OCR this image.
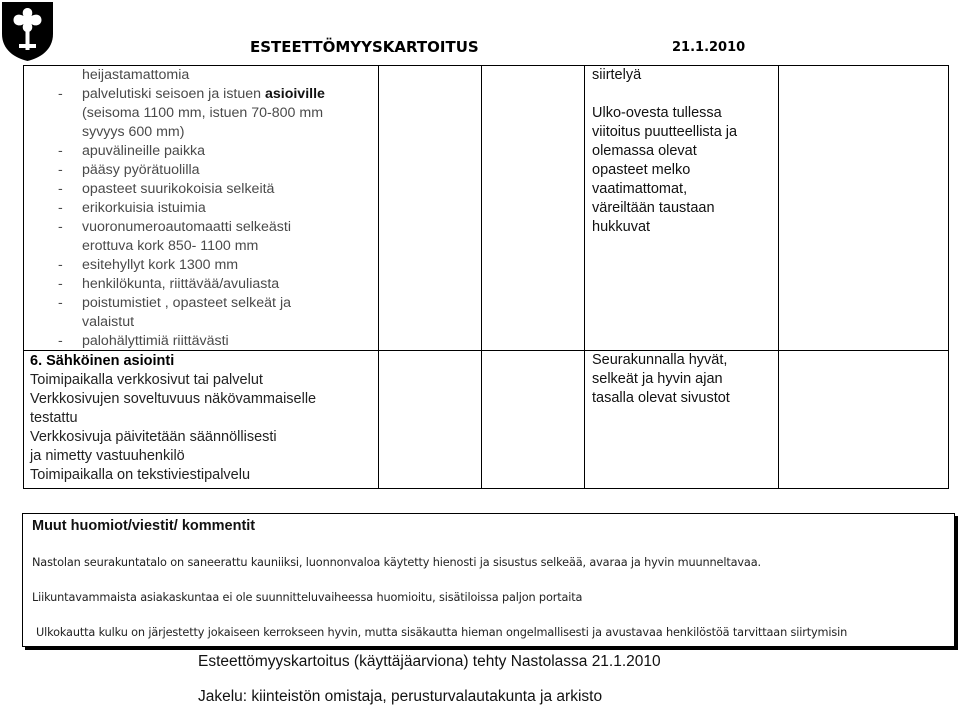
ESTEETTÖMYYSKARTOITUS	21.1.2010
heijastamattomia
- palvelutiski seisoen ja istuen asioiville
(seisoma 1100 mm, istuen 70-800 mm
syvyys 600 mm)
- apuvälineille paikka
- pääsy pyörätuolilla
- opasteet suurikokoisia selkeitä
- erikorkuisia istuimia
- vuoronumeroautomaatti selkeästi
erottuva kork 850- 1100 mm
- esitehyllyt kork 1300 mm
- henkilökunta, riittävää/avuliasta
- poistumistiet , opasteet selkeät ja
valaistut
- palohälyttimiä riittävästi
6. Sähköinen asiointi
Toimipaikalla verkkosivut tai palvelut
Verkkosivujen soveltuvuus näkövammaiselle
testattu
Verkkosivuja päivitetään säännöllisesti
ja nimetty vastuuhenkilö
Toimipaikalla on tekstiviestipalvelu
siirtelyä
Ulko-ovesta tullessa
viitoitus puutteellista ja
olemassa olevat
opasteet melko
vaatimattomat,
väreiltään taustaan
hukkuvat
Seurakunnalla hyvät,
selkeät ja hyvin ajan
tasalla olevat sivustot
Muut huomiot/viestit/ kommentit
Nastolan seurakuntatalo on saneerattu kauniiksi, luonnonvaloa käytetty hienosti ja sisustus selkeää, avaraa ja hyvin muunneltavaa.
Liikuntavammaista asiakaskuntaa ei ole suunnitteluvaiheessa huomioitu, sisätiloissa paljon portaita
Ulkokautta kulku on järjestetty jokaiseen kerrokseen hyvin, mutta sisäkautta hieman ongelmallisesti ja avustavaa henkilöstöä tarvittaan siirtymisin
Esteettömyyskartoitus (käyttäjäarviona) tehty Nastolassa 21.1.2010
Jakelu: kiinteistön omistaja, perusturvalautakunta ja arkisto
